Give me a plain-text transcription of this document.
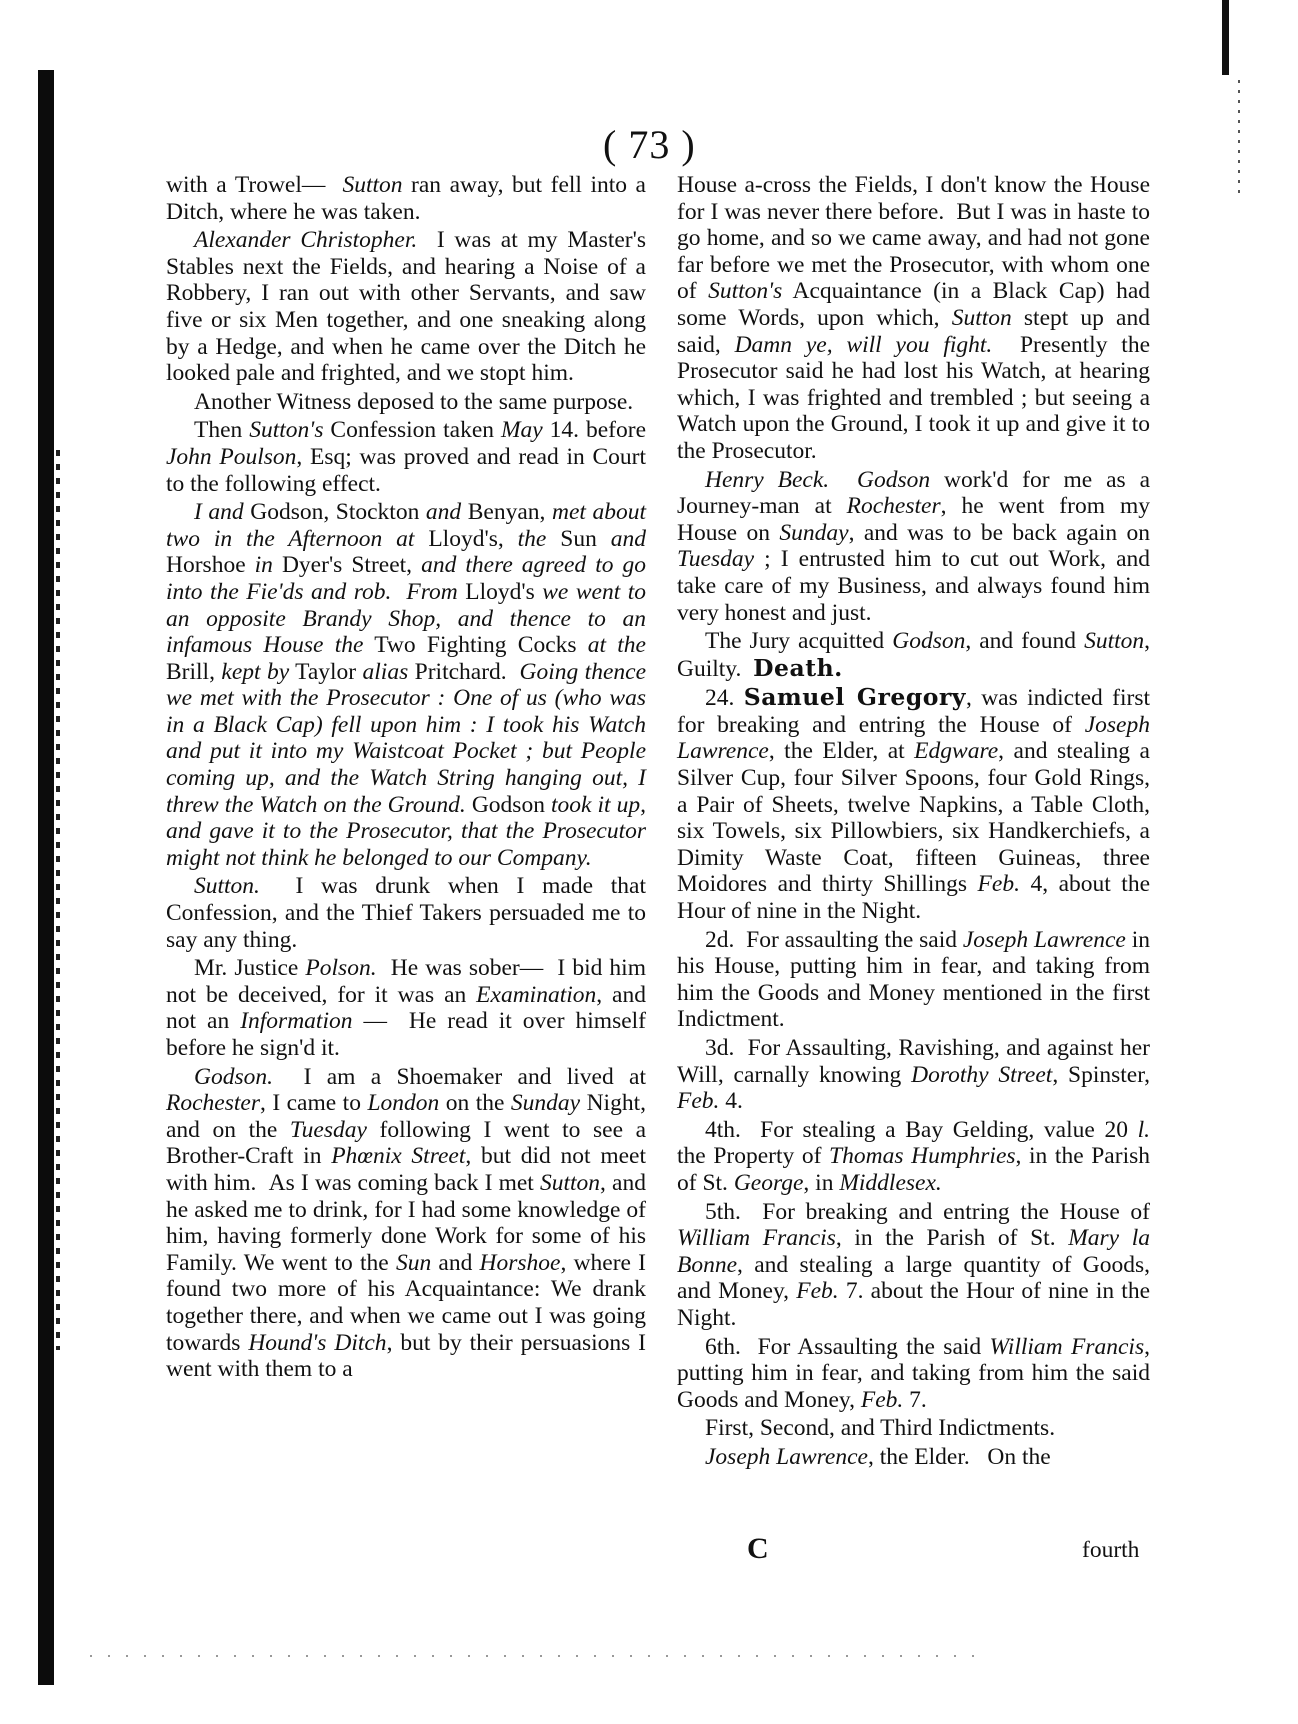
( 73 )

with a Trowel—  Sutton ran away, but fell into a Ditch, where he was taken.

Alexander Christopher.  I was at my Master's Stables next the Fields, and hearing a Noise of a Robbery, I ran out with other Servants, and saw five or six Men together, and one sneaking along by a Hedge, and when he came over the Ditch he looked pale and frighted, and we stopt him.

Another Witness deposed to the same purpose.

Then Sutton's Confession taken May 14. before John Poulson, Esq; was proved and read in Court to the following effect.

I and Godson, Stockton and Benyan, met about two in the Afternoon at Lloyd's, the Sun and Horshoe in Dyer's Street, and there agreed to go into the Fie'ds and rob.  From Lloyd's we went to an opposite Brandy Shop, and thence to an infamous House the Two Fighting Cocks at the Brill, kept by Taylor alias Pritchard.  Going thence we met with the Prosecutor : One of us (who was in a Black Cap) fell upon him : I took his Watch and put it into my Waistcoat Pocket ; but People coming up, and the Watch String hanging out, I threw the Watch on the Ground. Godson took it up, and gave it to the Prosecutor, that the Prosecutor might not think he belonged to our Company.

Sutton.  I was drunk when I made that Confession, and the Thief Takers persuaded me to say any thing.

Mr. Justice Polson.  He was sober—  I bid him not be deceived, for it was an Examination, and not an Information —  He read it over himself before he sign'd it.

Godson.  I am a Shoemaker and lived at Rochester, I came to London on the Sunday Night, and on the Tuesday following I went to see a Brother-Craft in Phœnix Street, but did not meet with him.  As I was coming back I met Sutton, and he asked me to drink, for I had some knowledge of him, having formerly done Work for some of his Family. We went to the Sun and Horshoe, where I found two more of his Acquaintance: We drank together there, and when we came out I was going towards Hound's Ditch, but by their persuasions I went with them to a

House a-cross the Fields, I don't know the House for I was never there before.  But I was in haste to go home, and so we came away, and had not gone far before we met the Prosecutor, with whom one of Sutton's Acquaintance (in a Black Cap) had some Words, upon which, Sutton stept up and said, Damn ye, will you fight.  Presently the Prosecutor said he had lost his Watch, at hearing which, I was frighted and trembled ; but seeing a Watch upon the Ground, I took it up and give it to the Prosecutor.

Henry Beck. Godson work'd for me as a Journey-man at Rochester, he went from my House on Sunday, and was to be back again on Tuesday ; I entrusted him to cut out Work, and take care of my Business, and always found him very honest and just.

The Jury acquitted Godson, and found Sutton, Guilty.  Death.

24. Samuel Gregory, was indicted first for breaking and entring the House of Joseph Lawrence, the Elder, at Edgware, and stealing a Silver Cup, four Silver Spoons, four Gold Rings, a Pair of Sheets, twelve Napkins, a Table Cloth, six Towels, six Pillowbiers, six Handkerchiefs, a Dimity Waste Coat, fifteen Guineas, three Moidores and thirty Shillings Feb. 4, about the Hour of nine in the Night.

2d.  For assaulting the said Joseph Lawrence in his House, putting him in fear, and taking from him the Goods and Money mentioned in the first Indictment.

3d.  For Assaulting, Ravishing, and against her Will, carnally knowing Dorothy Street, Spinster, Feb. 4.

4th.  For stealing a Bay Gelding, value 20 l. the Property of Thomas Humphries, in the Parish of St. George, in Middlesex.

5th.  For breaking and entring the House of William Francis, in the Parish of St. Mary la Bonne, and stealing a large quantity of Goods, and Money, Feb. 7. about the Hour of nine in the Night.

6th.  For Assaulting the said William Francis, putting him in fear, and taking from him the said Goods and Money, Feb. 7.

First, Second, and Third Indictments.

Joseph Lawrence, the Elder.   On the

C	fourth
